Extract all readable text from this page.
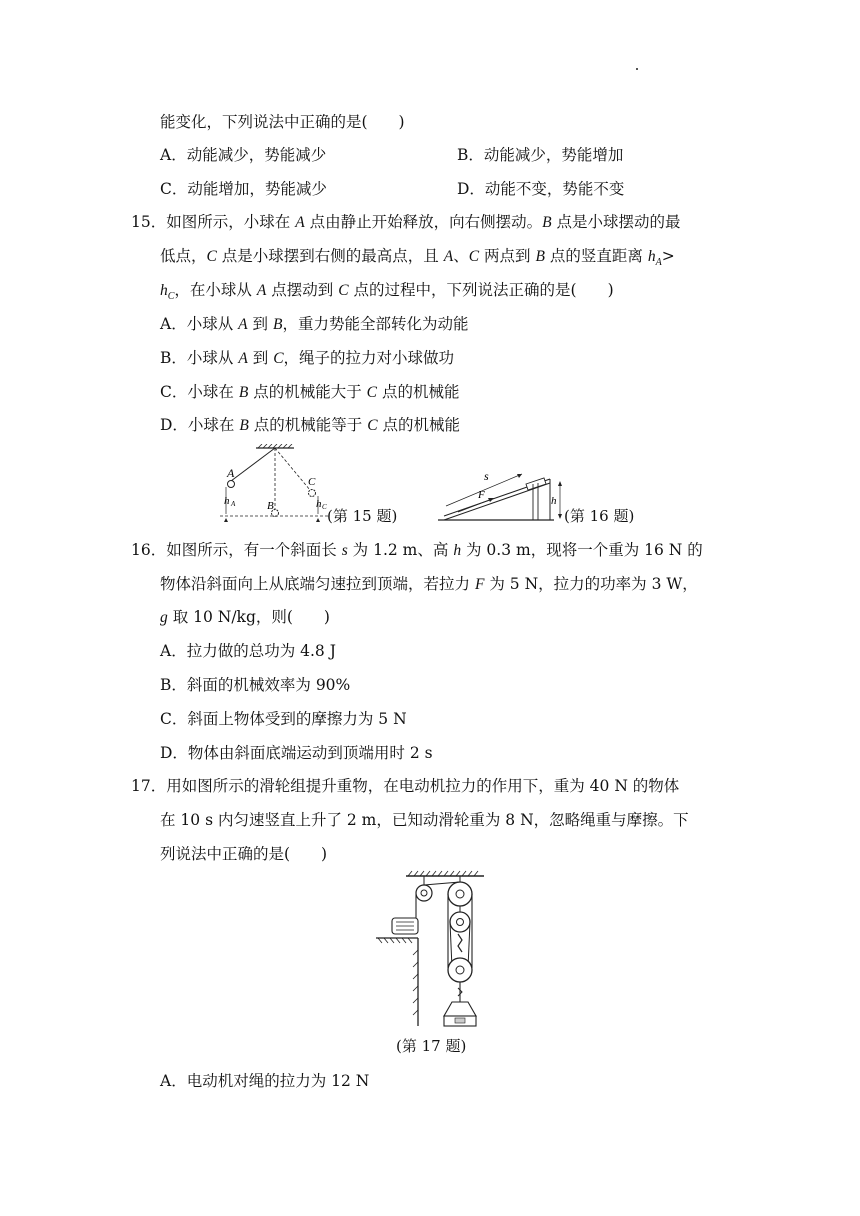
能变化，下列说法中正确的是(　　)
A．动能减少，势能减少	B．动能减少，势能增加
C．动能增加，势能减少	D．动能不变，势能不变
15．如图所示，小球在 A 点由静止开始释放，向右侧摆动。B 点是小球摆动的最
低点，C 点是小球摆到右侧的最高点，且 A、C 两点到 B 点的竖直距离 $h_A>$
$h_C$，在小球从 A 点摆动到 C 点的过程中，下列说法正确的是(　　)
A．小球从 A 到 B，重力势能全部转化为动能
B．小球从 A 到 C，绳子的拉力对小球做功
C．小球在 B 点的机械能大于 C 点的机械能
D．小球在 B 点的机械能等于 C 点的机械能
A
h A	B
C
h C (第 15 题)
s
F	h
(第 16 题)
16．如图所示，有一个斜面长 s 为 1.2 m、高 h 为 0.3 m，现将一个重为 16 N 的
物体沿斜面向上从底端匀速拉到顶端，若拉力 F 为 5 N，拉力的功率为 3 W，
g 取 10 N/kg，则(　　)
A．拉力做的总功为 4.8 J
B．斜面的机械效率为 90%
C．斜面上物体受到的摩擦力为 5 N
D．物体由斜面底端运动到顶端用时 2 s
17．用如图所示的滑轮组提升重物，在电动机拉力的作用下，重为 40 N 的物体
在 10 s 内匀速竖直上升了 2 m，已知动滑轮重为 8 N，忽略绳重与摩擦。下
列说法中正确的是(　　)
(第 17 题)
A．电动机对绳的拉力为 12 N
